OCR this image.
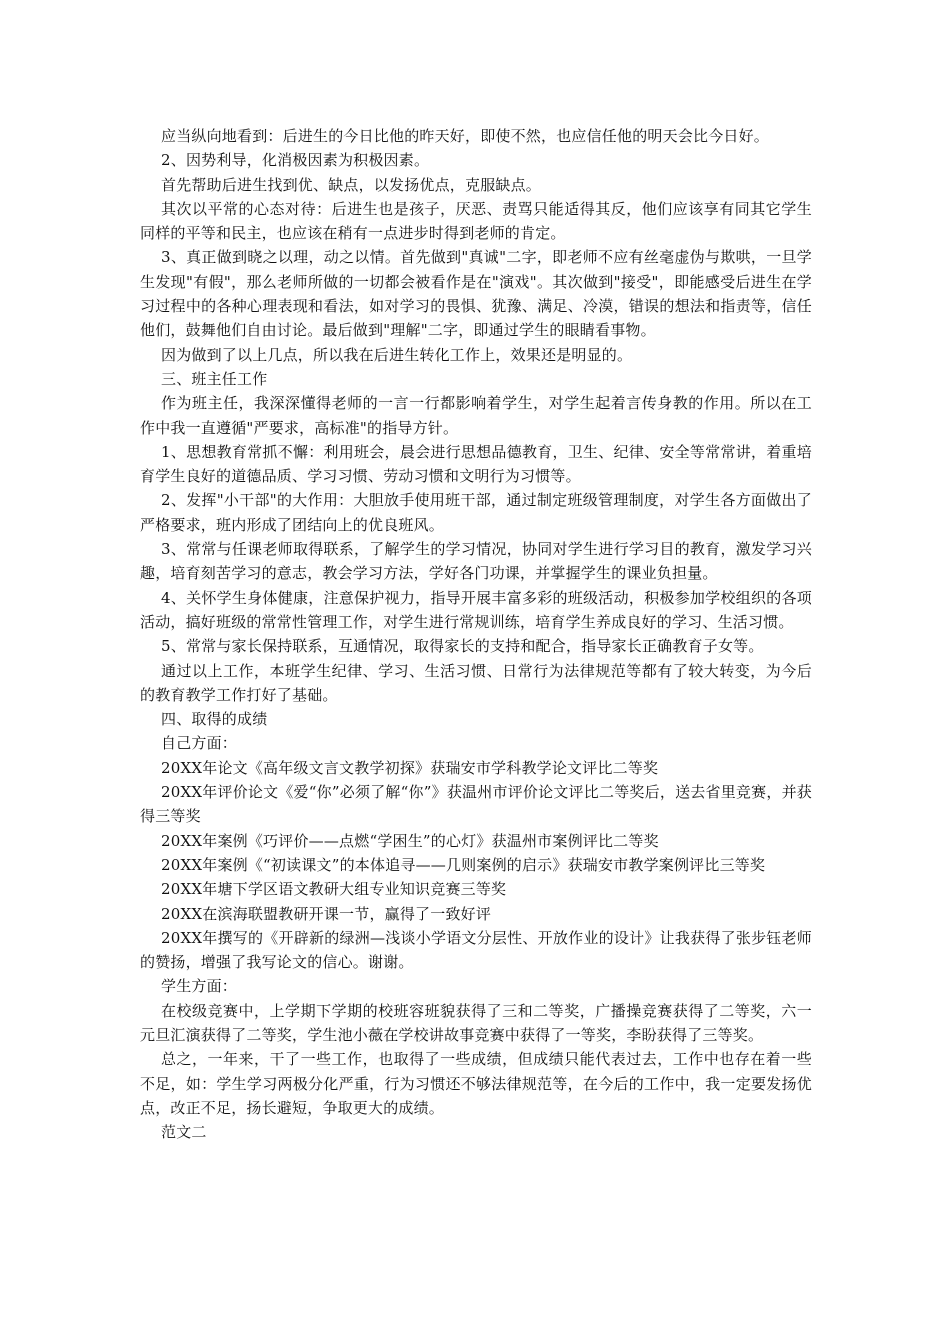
应当纵向地看到：后进生的今日比他的昨天好，即使不然，也应信任他的明天会比今日好。

2、因势利导，化消极因素为积极因素。

首先帮助后进生找到优、缺点，以发扬优点，克服缺点。

其次以平常的心态对待：后进生也是孩子，厌恶、责骂只能适得其反，他们应该享有同其它学生同样的平等和民主，也应该在稍有一点进步时得到老师的肯定。

3、真正做到晓之以理，动之以情。首先做到"真诚"二字，即老师不应有丝毫虚伪与欺哄，一旦学生发现"有假"，那么老师所做的一切都会被看作是在"演戏"。其次做到"接受"，即能感受后进生在学习过程中的各种心理表现和看法，如对学习的畏惧、犹豫、满足、冷漠，错误的想法和指责等，信任他们，鼓舞他们自由讨论。最后做到"理解"二字，即通过学生的眼睛看事物。

因为做到了以上几点，所以我在后进生转化工作上，效果还是明显的。

三、班主任工作

作为班主任，我深深懂得老师的一言一行都影响着学生，对学生起着言传身教的作用。所以在工作中我一直遵循"严要求，高标准"的指导方针。

1、思想教育常抓不懈：利用班会，晨会进行思想品德教育，卫生、纪律、安全等常常讲，着重培育学生良好的道德品质、学习习惯、劳动习惯和文明行为习惯等。

2、发挥"小干部"的大作用：大胆放手使用班干部，通过制定班级管理制度，对学生各方面做出了严格要求，班内形成了团结向上的优良班风。

3、常常与任课老师取得联系，了解学生的学习情况，协同对学生进行学习目的教育，激发学习兴趣，培育刻苦学习的意志，教会学习方法，学好各门功课，并掌握学生的课业负担量。

4、关怀学生身体健康，注意保护视力，指导开展丰富多彩的班级活动，积极参加学校组织的各项活动，搞好班级的常常性管理工作，对学生进行常规训练，培育学生养成良好的学习、生活习惯。

5、常常与家长保持联系，互通情况，取得家长的支持和配合，指导家长正确教育子女等。

通过以上工作，本班学生纪律、学习、生活习惯、日常行为法律规范等都有了较大转变，为今后的教育教学工作打好了基础。

四、取得的成绩

自己方面：

20XX年论文《高年级文言文教学初探》获瑞安市学科教学论文评比二等奖

20XX年评价论文《爱“你”必须了解“你”》获温州市评价论文评比二等奖后，送去省里竞赛，并获得三等奖

20XX年案例《巧评价——点燃“学困生”的心灯》获温州市案例评比二等奖

20XX年案例《“初读课文”的本体追寻——几则案例的启示》获瑞安市教学案例评比三等奖

20XX年塘下学区语文教研大组专业知识竞赛三等奖

20XX在滨海联盟教研开课一节，赢得了一致好评

20XX年撰写的《开辟新的绿洲—浅谈小学语文分层性、开放作业的设计》让我获得了张步钰老师的赞扬，增强了我写论文的信心。谢谢。

学生方面：

在校级竞赛中，上学期下学期的校班容班貌获得了三和二等奖，广播操竞赛获得了二等奖，六一元旦汇演获得了二等奖，学生池小薇在学校讲故事竞赛中获得了一等奖，李盼获得了三等奖。

总之，一年来，干了一些工作，也取得了一些成绩，但成绩只能代表过去，工作中也存在着一些不足，如：学生学习两极分化严重，行为习惯还不够法律规范等，在今后的工作中，我一定要发扬优点，改正不足，扬长避短，争取更大的成绩。

范文二
